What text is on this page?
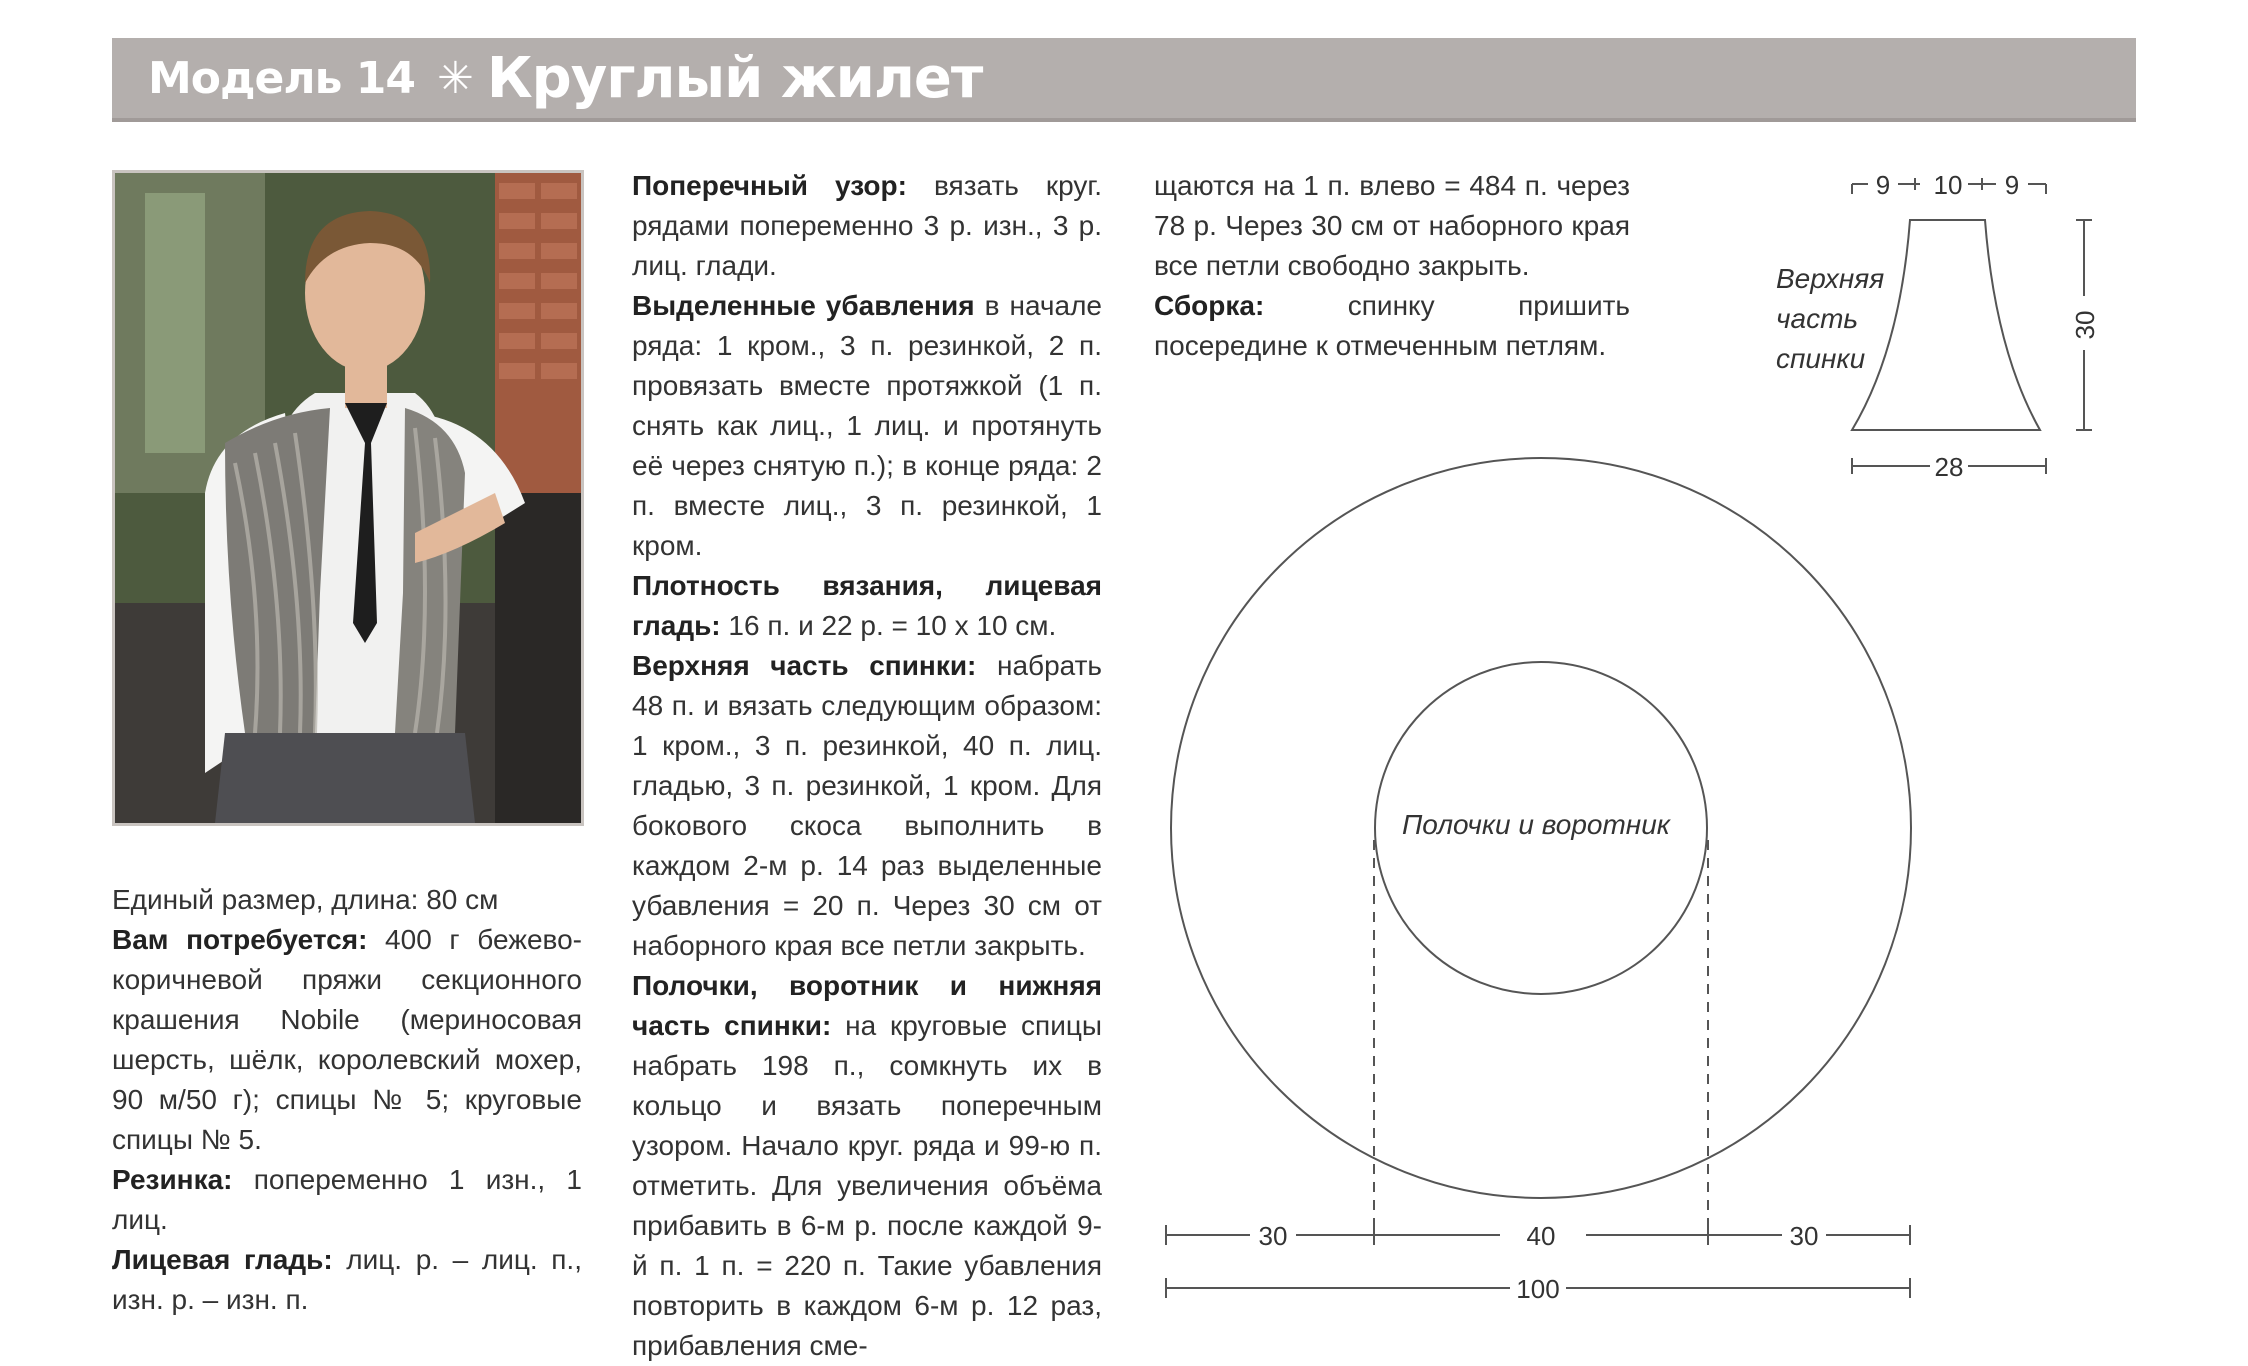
Модель 14 ✳ Круглый жилет

Единый размер, длина: 80 см

Вам потребуется: 400 г бежево-коричневой пряжи секционного крашения Nobile (мериносовая шерсть, шёлк, королевский мохер, 90 м/50 г); спицы № 5; круговые спицы № 5.

Резинка: попеременно 1 изн., 1 лиц.

Лицевая гладь: лиц. р. – лиц. п., изн. р. – изн. п.

Поперечный узор: вязать круг. рядами попеременно 3 р. изн., 3 р. лиц. глади.

Выделенные убавления в начале ряда: 1 кром., 3 п. резинкой, 2 п. провязать вместе протяжкой (1 п. снять как лиц., 1 лиц. и протянуть её через снятую п.); в конце ряда: 2 п. вместе лиц., 3 п. резинкой, 1 кром.

Плотность вязания, лицевая гладь: 16 п. и 22 р. = 10 х 10 см.

Верхняя часть спинки: набрать 48 п. и вязать следующим образом: 1 кром., 3 п. резинкой, 40 п. лиц. гладью, 3 п. резинкой, 1 кром. Для бокового скоса выполнить в каждом 2-м р. 14 раз выделенные убавления = 20 п. Через 30 см от наборного края все петли закрыть.

Полочки, воротник и нижняя часть спинки: на круговые спицы набрать 198 п., сомкнуть их в кольцо и вязать поперечным узором. Начало круг. ряда и 99-ю п. отметить. Для увеличения объёма прибавить в 6-м р. после каждой 9-й п. 1 п. = 220 п. Такие убавления повторить в каждом 6-м р. 12 раз, прибавления сме-

щаются на 1 п. влево = 484 п. через 78 р. Через 30 см от наборного края все петли свободно закрыть.

Сборка: спинку пришить посередине к отмеченным петлям.

9 10 9
30
28
Верхняя
часть
спинки
Полочки и воротник
30	40	30
100
